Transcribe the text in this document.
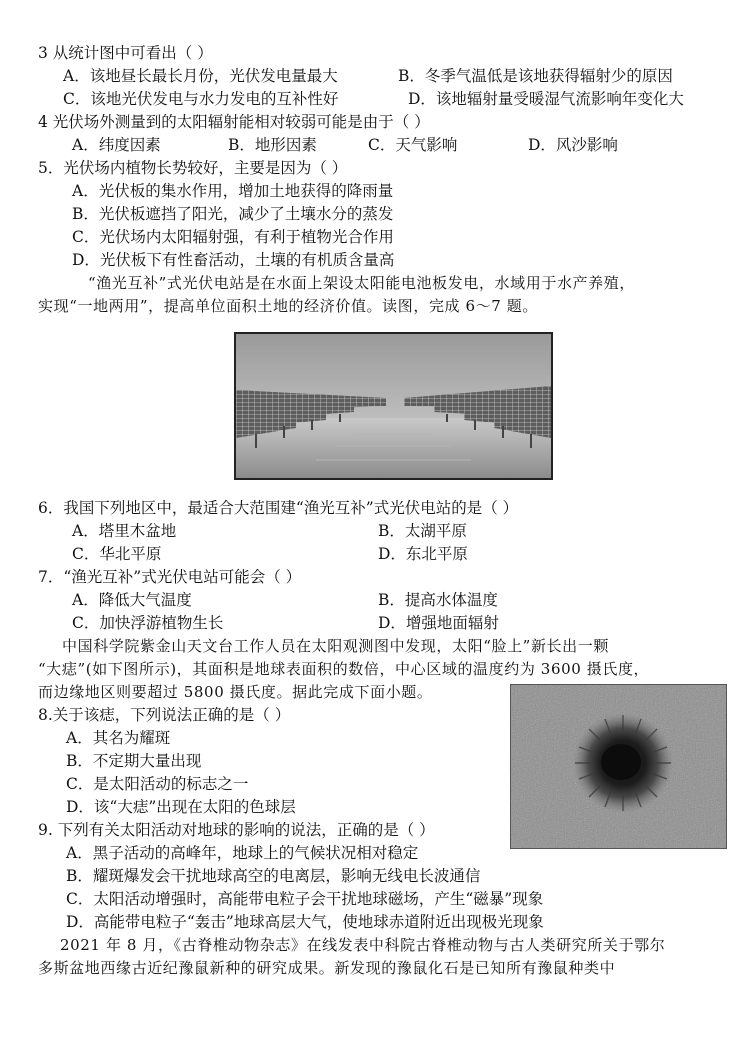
3 从统计图中可看出（ ）
A．该地昼长最长月份，光伏发电量最大	B．冬季气温低是该地获得辐射少的原因
C．该地光伏发电与水力发电的互补性好	D．该地辐射量受暖湿气流影响年变化大
4 光伏场外测量到的太阳辐射能相对较弱可能是由于（ ）
A．纬度因素	B．地形因素	C．天气影响	D．风沙影响
5．光伏场内植物长势较好，主要是因为（ ）
A．光伏板的集水作用，增加土地获得的降雨量
B．光伏板遮挡了阳光，减少了土壤水分的蒸发
C．光伏场内太阳辐射强，有利于植物光合作用
D．光伏板下有性畜活动，土壤的有机质含量高
“渔光互补”式光伏电站是在水面上架设太阳能电池板发电，水域用于水产养殖，
实现“一地两用”，提高单位面积土地的经济价值。读图，完成 6～7 题。
6．我国下列地区中，最适合大范围建“渔光互补”式光伏电站的是（ ）
A．塔里木盆地	B．太湖平原
C．华北平原	D．东北平原
7．“渔光互补”式光伏电站可能会（ ）
A．降低大气温度	B．提高水体温度
C．加快浮游植物生长	D．增强地面辐射
中国科学院紫金山天文台工作人员在太阳观测图中发现，太阳“脸上”新长出一颗
“大痣”(如下图所示)，其面积是地球表面积的数倍，中心区域的温度约为 3600 摄氏度，
而边缘地区则要超过 5800 摄氏度。据此完成下面小题。
8.关于该痣，下列说法正确的是（ ）
A．其名为耀斑
B．不定期大量出现
C．是太阳活动的标志之一
D．该“大痣”出现在太阳的色球层
9. 下列有关太阳活动对地球的影响的说法，正确的是（ ）
A．黑子活动的高峰年，地球上的气候状况相对稳定
B．耀斑爆发会干扰地球高空的电离层，影响无线电长波通信
C．太阳活动增强时，高能带电粒子会干扰地球磁场，产生“磁暴”现象
D．高能带电粒子“轰击”地球高层大气，使地球赤道附近出现极光现象
2021 年 8 月，《古脊椎动物杂志》在线发表中科院古脊椎动物与古人类研究所关于鄂尔
多斯盆地西缘古近纪豫鼠新种的研究成果。新发现的豫鼠化石是已知所有豫鼠种类中
